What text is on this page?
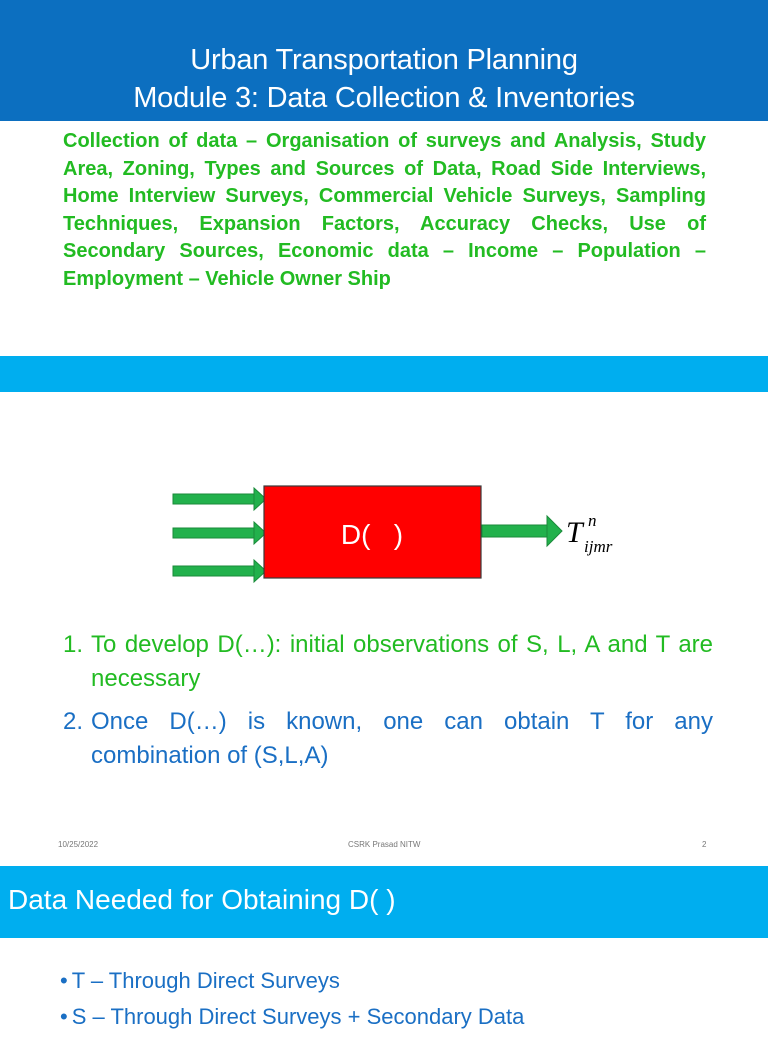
Urban Transportation Planning
Module 3: Data Collection & Inventories
Collection of data – Organisation of surveys and Analysis, Study Area, Zoning, Types and Sources of Data, Road Side Interviews, Home Interview Surveys, Commercial Vehicle Surveys, Sampling Techniques, Expansion Factors, Accuracy Checks, Use of Secondary Sources, Economic data – Income – Population – Employment – Vehicle Owner Ship
D(   )	T n
ijmr
1. To develop D(…): initial observations of S, L, A and T are necessary
2. Once D(…) is known, one can obtain T for any combination of (S,L,A)
10/25/2022	CSRK Prasad NITW	2
Data Needed for Obtaining D( )
• T – Through Direct Surveys
• S – Through Direct Surveys + Secondary Data
